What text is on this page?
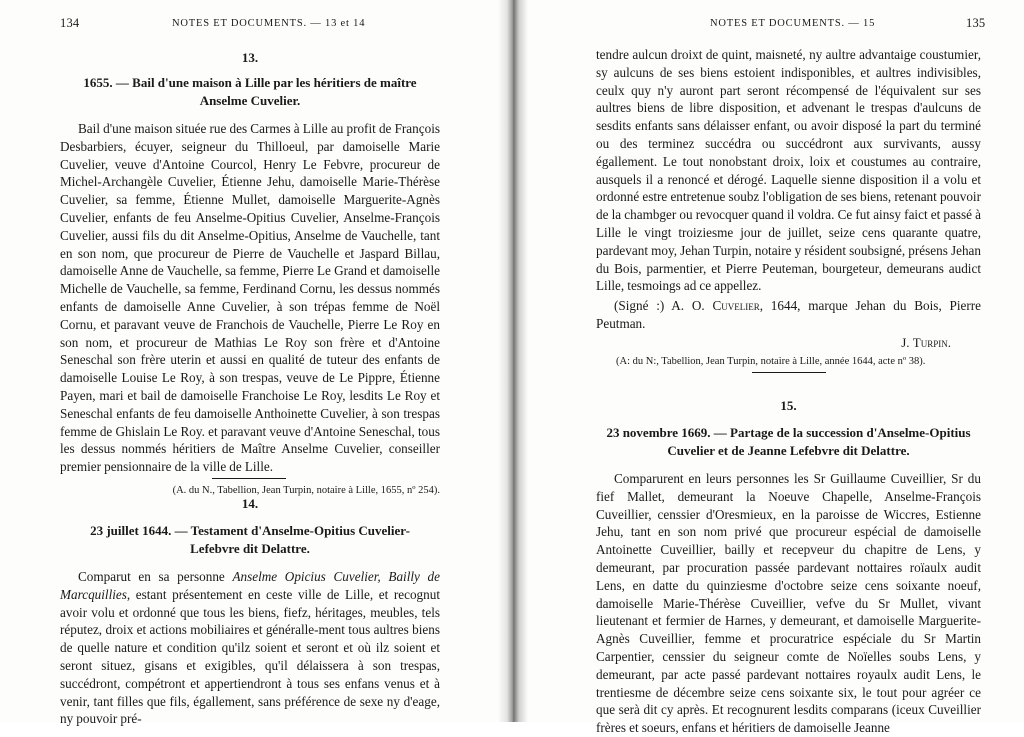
134	NOTES ET DOCUMENTS. — 13 et 14
13.
1655. — Bail d'une maison à Lille par les héritiers de maître
Anselme Cuvelier.
Bail d'une maison située rue des Carmes à Lille au profit de François Desbarbiers, écuyer, seigneur du Thilloeul, par damoiselle Marie Cuvelier, veuve d'Antoine Courcol, Henry Le Febvre, procureur de Michel-Archangèle Cuvelier, Étienne Jehu, damoiselle Marie-Thérèse Cuvelier, sa femme, Étienne Mullet, damoiselle Marguerite-Agnès Cuvelier, enfants de feu Anselme-Opitius Cuvelier, Anselme-François Cuvelier, aussi fils du dit Anselme-Opitius, Anselme de Vauchelle, tant en son nom, que procureur de Pierre de Vauchelle et Jaspard Billau, damoiselle Anne de Vauchelle, sa femme, Pierre Le Grand et damoiselle Michelle de Vauchelle, sa femme, Ferdinand Cornu, les dessus nommés enfants de damoiselle Anne Cuvelier, à son trépas femme de Noël Cornu, et paravant veuve de Franchois de Vauchelle, Pierre Le Roy en son nom, et procureur de Mathias Le Roy son frère et d'Antoine Seneschal son frère uterin et aussi en qualité de tuteur des enfants de damoiselle Louise Le Roy, à son trespas, veuve de Le Pippre, Étienne Payen, mari et bail de damoiselle Franchoise Le Roy, lesdits Le Roy et Seneschal enfants de feu damoiselle Anthoinette Cuvelier, à son trespas femme de Ghislain Le Roy. et paravant veuve d'Antoine Seneschal, tous les dessus nommés héritiers de Maître Anselme Cuvelier, conseiller premier pensionnaire de la ville de Lille.
(A. du N., Tabellion, Jean Turpin, notaire à Lille, 1655, nº 254).
14.
23 juillet 1644. — Testament d'Anselme-Opitius Cuvelier-
Lefebvre dit Delattre.
Comparut en sa personne Anselme Opicius Cuvelier, Bailly de Marcquillies, estant présentement en ceste ville de Lille, et recognut avoir volu et ordonné que tous les biens, fiefz, héritages, meubles, tels réputez, droix et actions mobiliaires et généralle-ment tous aultres biens de quelle nature et condition qu'ilz soient et seront et où ilz soient et seront situez, gisans et exigibles, qu'il délaissera à son trespas, succédront, compétront et appertiendront à tous ses enfans venus et à venir, tant filles que fils, égallement, sans préférence de sexe ny d'eage, ny pouvoir pré-
NOTES ET DOCUMENTS. — 15	135
tendre aulcun droixt de quint, maisneté, ny aultre advantaige coustumier, sy aulcuns de ses biens estoient indisponibles, et aultres indivisibles, ceulx quy n'y auront part seront récompensé de l'équivalent sur ses aultres biens de libre disposition, et advenant le trespas d'aulcuns de sesdits enfants sans délaisser enfant, ou avoir disposé la part du terminé ou des terminez succédra ou succédront aux survivants, aussy égallement. Le tout nonobstant droix, loix et coustumes au contraire, ausquels il a renoncé et dérogé. Laquelle sienne disposition il a volu et ordonné estre entretenue soubz l'obligation de ses biens, retenant pouvoir de la chambger ou revocquer quand il voldra. Ce fut ainsy faict et passé à Lille le vingt troiziesme jour de juillet, seize cens quarante quatre, pardevant moy, Jehan Turpin, notaire y résident soubsigné, présens Jehan du Bois, parmentier, et Pierre Peuteman, bourgeteur, demeurans audict Lille, tesmoings ad ce appellez.
(Signé :) A. O. Cuvelier, 1644, marque Jehan du Bois, Pierre Peutman.
J. Turpin.
(A: du N:, Tabellion, Jean Turpin, notaire à Lille, année 1644, acte nº 38).
15.
23 novembre 1669. — Partage de la succession d'Anselme-Opitius
Cuvelier et de Jeanne Lefebvre dit Delattre.
Comparurent en leurs personnes les Sr Guillaume Cuveillier, Sr du fief Mallet, demeurant la Noeuve Chapelle, Anselme-François Cuveillier, censsier d'Oresmieux, en la paroisse de Wiccres, Estienne Jehu, tant en son nom privé que procureur espécial de damoiselle Antoinette Cuveillier, bailly et recepveur du chapitre de Lens, y demeurant, par procuration passée pardevant nottaires roïaulx audit Lens, en datte du quinziesme d'octobre seize cens soixante noeuf, damoiselle Marie-Thérèse Cuveillier, vefve du Sr Mullet, vivant lieutenant et fermier de Harnes, y demeurant, et damoiselle Marguerite-Agnès Cuveillier, femme et procuratrice espéciale du Sr Martin Carpentier, censsier du seigneur comte de Noïelles soubs Lens, y demeurant, par acte passé pardevant nottaires royaulx audit Lens, le trentiesme de décembre seize cens soixante six, le tout pour agréer ce que serà dit cy après. Et recognurent lesdits comparans (iceux Cuveillier frères et soeurs, enfans et héritiers de damoiselle Jeanne
